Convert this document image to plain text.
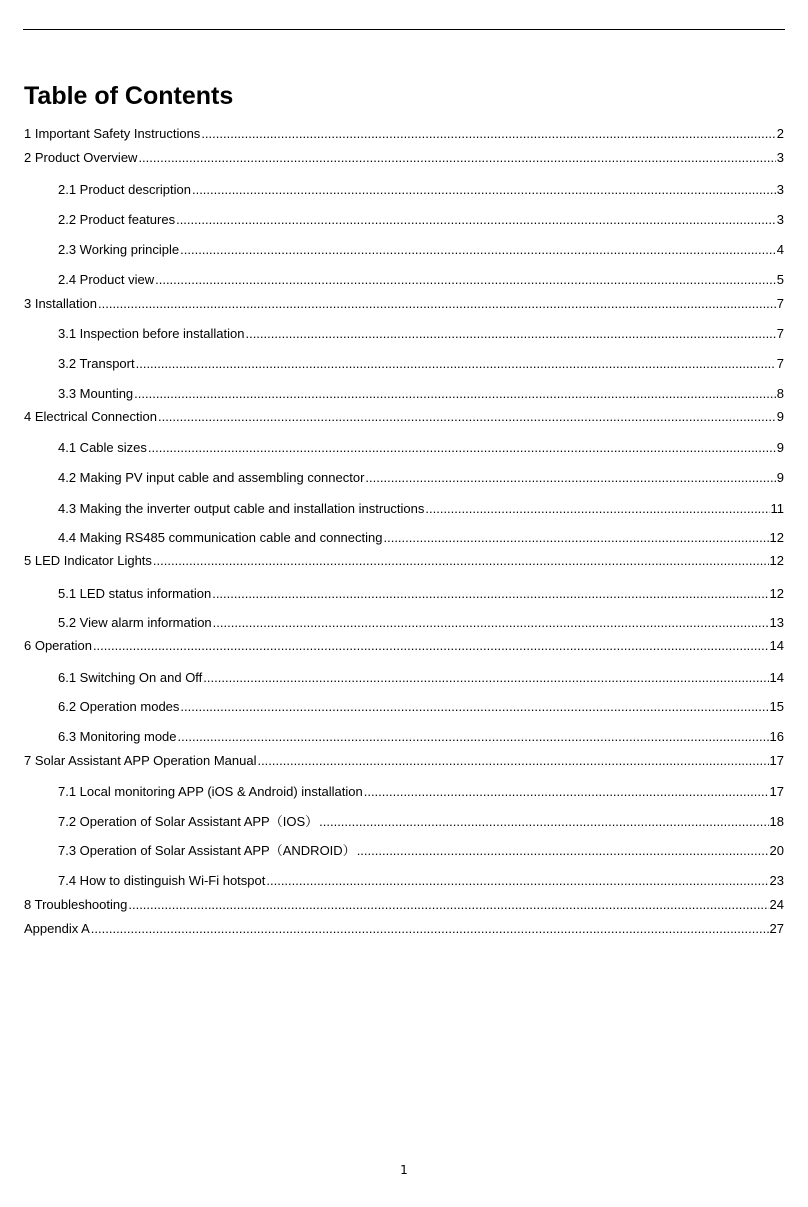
Table of Contents
1 Important Safety Instructions .....	2
2 Product Overview .....	3
2.1 Product description .....	3
2.2 Product features .....	3
2.3 Working principle .....	4
2.4 Product view .....	5
3 Installation .....	7
3.1 Inspection before installation .....	7
3.2 Transport .....	7
3.3 Mounting .....	8
4 Electrical Connection .....	9
4.1 Cable sizes .....	9
4.2 Making PV input cable and assembling connector .....	9
4.3 Making the inverter output cable and installation instructions .....	11
4.4 Making RS485 communication cable and connecting .....	12
5 LED Indicator Lights .....	12
5.1 LED status information .....	12
5.2 View alarm information .....	13
6 Operation .....	14
6.1 Switching On and Off .....	14
6.2 Operation modes .....	15
6.3 Monitoring mode .....	16
7 Solar Assistant APP Operation Manual .....	17
7.1 Local monitoring APP (iOS & Android) installation .....	17
7.2 Operation of Solar Assistant APP（IOS） .....	18
7.3 Operation of Solar Assistant APP（ANDROID） .....	20
7.4 How to distinguish Wi-Fi hotspot .....	23
8 Troubleshooting .....	24
Appendix A .....	27
1
